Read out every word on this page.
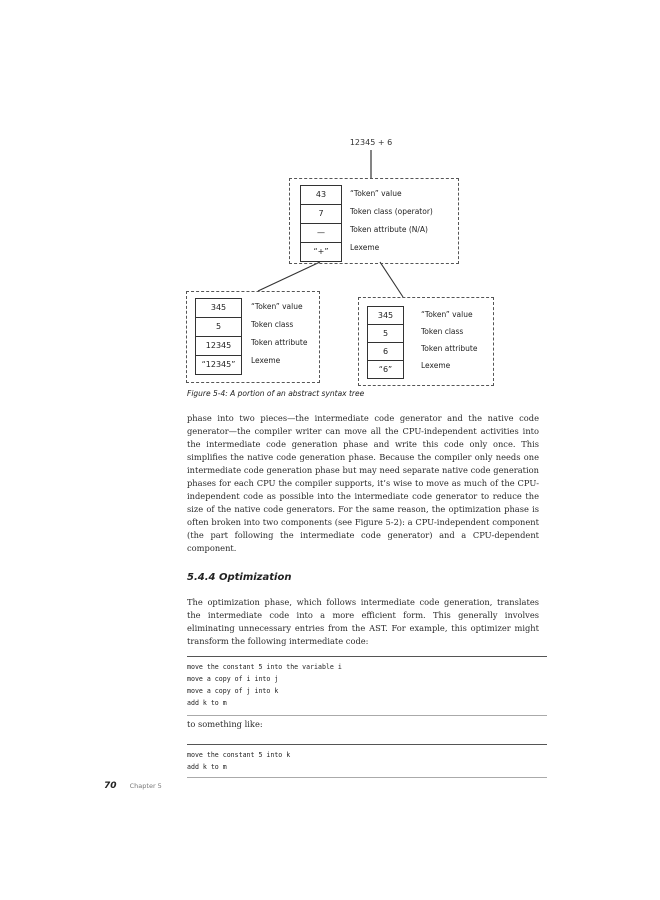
12345 + 6
43
7
—
“+”
“Token” value
Token class (operator)
Token attribute (N/A)
Lexeme
345
5
12345
“12345”
“Token” value
Token class
Token attribute
Lexeme
345
5
6
“6”
“Token” value
Token class
Token attribute
Lexeme
Figure 5-4: A portion of an abstract syntax tree

phase into two pieces—the intermediate code generator and the native code generator—the compiler writer can move all the CPU-independent activities into the intermediate code generation phase and write this code only once. This simplifies the native code generation phase. Because the compiler only needs one intermediate code generation phase but may need separate native code generation phases for each CPU the compiler supports, it’s wise to move as much of the CPU-independent code as possible into the intermediate code generator to reduce the size of the native code generators. For the same reason, the optimization phase is often broken into two components (see Figure 5-2): a CPU-independent component (the part following the intermediate code generator) and a CPU-dependent component.

5.4.4 Optimization

The optimization phase, which follows intermediate code generation, translates the intermediate code into a more efficient form. This generally involves eliminating unnecessary entries from the AST. For example, this optimizer might transform the following intermediate code:

move the constant 5 into the variable i
move a copy of i into j
move a copy of j into k
add k to m

to something like:

move the constant 5 into k
add k to m
70 Chapter 5
